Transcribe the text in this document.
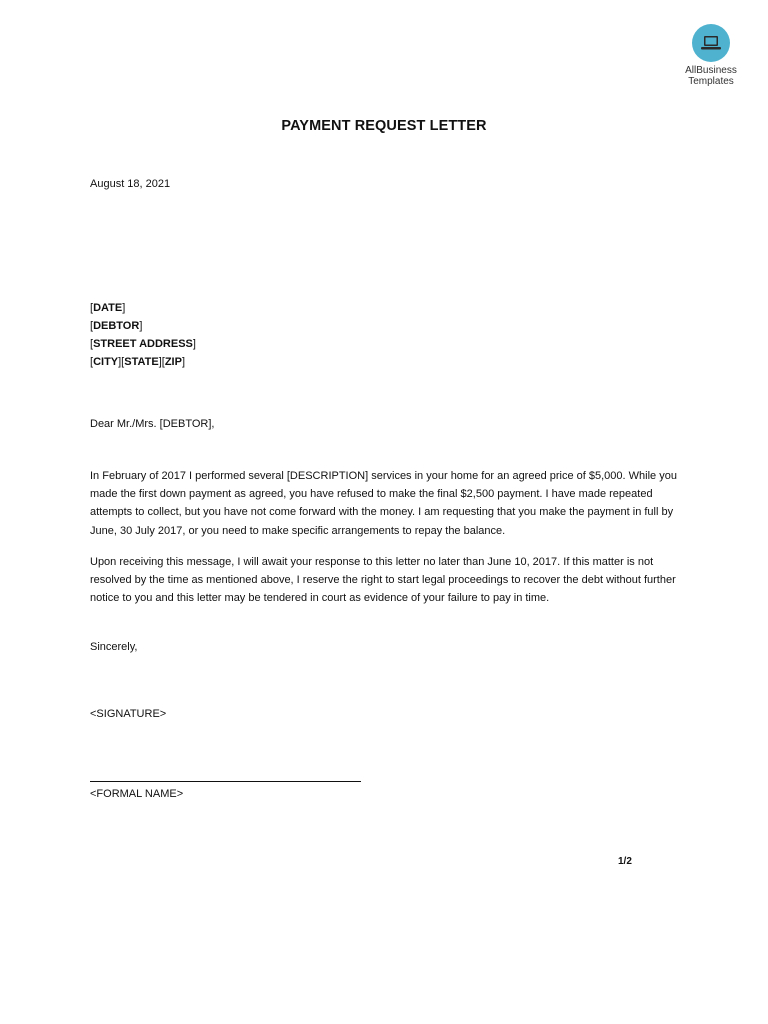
AllBusiness
Templates
PAYMENT REQUEST LETTER
August 18, 2021
[DATE]
[DEBTOR]
[STREET ADDRESS]
[CITY][STATE][ZIP]
Dear Mr./Mrs. [DEBTOR],
In February of 2017 I performed several [DESCRIPTION] services in your home for an agreed price of $5,000. While you made the first down payment as agreed, you have refused to make the final $2,500 payment. I have made repeated attempts to collect, but you have not come forward with the money. I am requesting that you make the payment in full by June, 30 July 2017, or you need to make specific arrangements to repay the balance.
Upon receiving this message, I will await your response to this letter no later than June 10, 2017. If this matter is not resolved by the time as mentioned above, I reserve the right to start legal proceedings to recover the debt without further notice to you and this letter may be tendered in court as evidence of your failure to pay in time.
Sincerely,
<SIGNATURE>
<FORMAL NAME>
1/2
